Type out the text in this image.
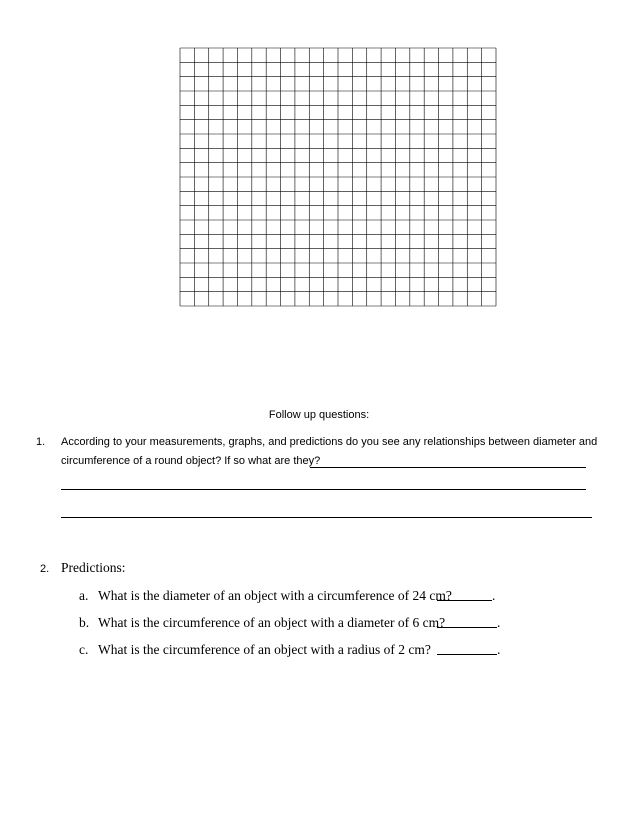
Follow up questions:
1. According to your measurements, graphs, and predictions do you see any relationships between diameter and
circumference of a round object? If so what are they?
2. Predictions:
a. What is the diameter of an object with a circumference of 24 cm?	.
b. What is the circumference of an object with a diameter of 6 cm?	.
c. What is the circumference of an object with a radius of 2 cm?	.
